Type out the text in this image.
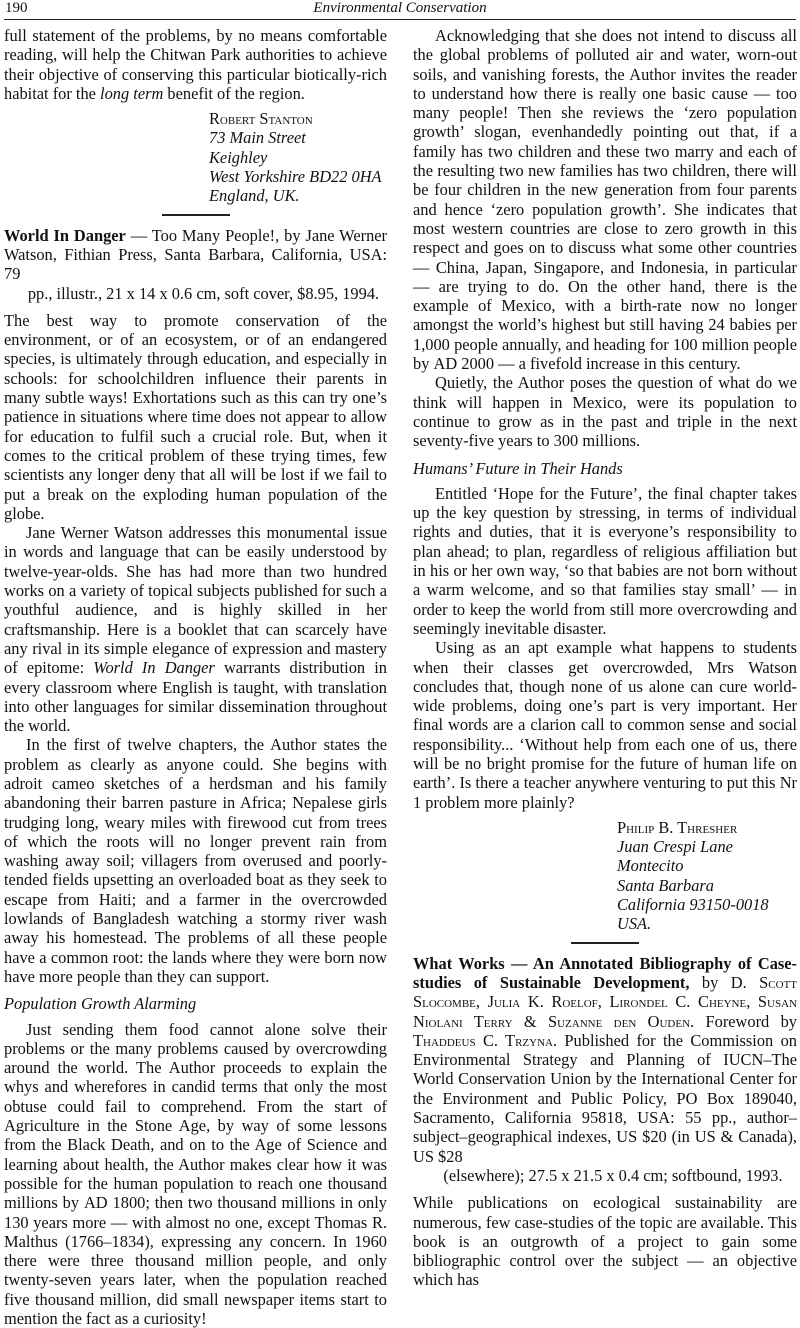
190	Environmental Conservation

full statement of the problems, by no means comfortable reading, will help the Chitwan Park authorities to achieve their objective of conserving this particular biotically-rich habitat for the long term benefit of the region.

Robert Stanton
73 Main Street
Keighley
West Yorkshire BD22 0HA
England, UK.
World In Danger — Too Many People!, by Jane Werner Watson, Fithian Press, Santa Barbara, California, USA: 79
pp., illustr., 21 x 14 x 0.6 cm, soft cover, $8.95, 1994.

The best way to promote conservation of the environment, or of an ecosystem, or of an endangered species, is ultimately through education, and especially in schools: for schoolchildren influence their parents in many subtle ways! Exhortations such as this can try one’s patience in situations where time does not appear to allow for education to fulfil such a crucial role. But, when it comes to the critical problem of these trying times, few scientists any longer deny that all will be lost if we fail to put a break on the exploding human population of the globe.

Jane Werner Watson addresses this monumental issue in words and language that can be easily understood by twelve-year-olds. She has had more than two hundred works on a variety of topical subjects published for such a youthful audience, and is highly skilled in her craftsmanship. Here is a booklet that can scarcely have any rival in its simple elegance of expression and mastery of epitome: World In Danger warrants distribution in every classroom where English is taught, with translation into other languages for similar dissemination throughout the world.

In the first of twelve chapters, the Author states the problem as clearly as anyone could. She begins with adroit cameo sketches of a herdsman and his family abandoning their barren pasture in Africa; Nepalese girls trudging long, weary miles with firewood cut from trees of which the roots will no longer prevent rain from washing away soil; villagers from overused and poorly-tended fields upsetting an overloaded boat as they seek to escape from Haiti; and a farmer in the overcrowded lowlands of Bangladesh watching a stormy river wash away his homestead. The problems of all these people have a common root: the lands where they were born now have more people than they can support.

Population Growth Alarming

Just sending them food cannot alone solve their problems or the many problems caused by overcrowding around the world. The Author proceeds to explain the whys and wherefores in candid terms that only the most obtuse could fail to comprehend. From the start of Agriculture in the Stone Age, by way of some lessons from the Black Death, and on to the Age of Science and learning about health, the Author makes clear how it was possible for the human population to reach one thousand millions by AD 1800; then two thousand millions in only 130 years more — with almost no one, except Thomas R. Malthus (1766–1834), expressing any concern. In 1960 there were three thousand million people, and only twenty-seven years later, when the population reached five thousand million, did small newspaper items start to mention the fact as a curiosity!

Acknowledging that she does not intend to discuss all the global problems of polluted air and water, worn-out soils, and vanishing forests, the Author invites the reader to understand how there is really one basic cause — too many people! Then she reviews the ‘zero population growth’ slogan, evenhandedly pointing out that, if a family has two children and these two marry and each of the resulting two new families has two children, there will be four children in the new generation from four parents and hence ‘zero population growth’. She indicates that most western countries are close to zero growth in this respect and goes on to discuss what some other countries — China, Japan, Singapore, and Indonesia, in particular — are trying to do. On the other hand, there is the example of Mexico, with a birth-rate now no longer amongst the world’s highest but still having 24 babies per 1,000 people annually, and heading for 100 million people by AD 2000 — a fivefold increase in this century.

Quietly, the Author poses the question of what do we think will happen in Mexico, were its population to continue to grow as in the past and triple in the next seventy-five years to 300 millions.

Humans’ Future in Their Hands

Entitled ‘Hope for the Future’, the final chapter takes up the key question by stressing, in terms of individual rights and duties, that it is everyone’s responsibility to plan ahead; to plan, regardless of religious affiliation but in his or her own way, ‘so that babies are not born without a warm welcome, and so that families stay small’ — in order to keep the world from still more overcrowding and seemingly inevitable disaster.

Using as an apt example what happens to students when their classes get overcrowded, Mrs Watson concludes that, though none of us alone can cure world-wide problems, doing one’s part is very important. Her final words are a clarion call to common sense and social responsibility... ‘Without help from each one of us, there will be no bright promise for the future of human life on earth’. Is there a teacher anywhere venturing to put this Nr 1 problem more plainly?

Philip B. Thresher
Juan Crespi Lane
Montecito
Santa Barbara
California 93150-0018
USA.
What Works — An Annotated Bibliography of Case-studies of Sustainable Development, by D. Scott Slocombe, Julia K. Roelof, Lirondel C. Cheyne, Susan Niolani Terry & Suzanne den Ouden. Foreword by Thaddeus C. Trzyna. Published for the Commission on Environmental Strategy and Planning of IUCN–The World Conservation Union by the International Center for the Environment and Public Policy, PO Box 189040, Sacramento, California 95818, USA: 55 pp., author–subject–geographical indexes, US $20 (in US & Canada), US $28
(elsewhere); 27.5 x 21.5 x 0.4 cm; softbound, 1993.

While publications on ecological sustainability are numerous, few case-studies of the topic are available. This book is an outgrowth of a project to gain some bibliographic control over the subject — an objective which has
